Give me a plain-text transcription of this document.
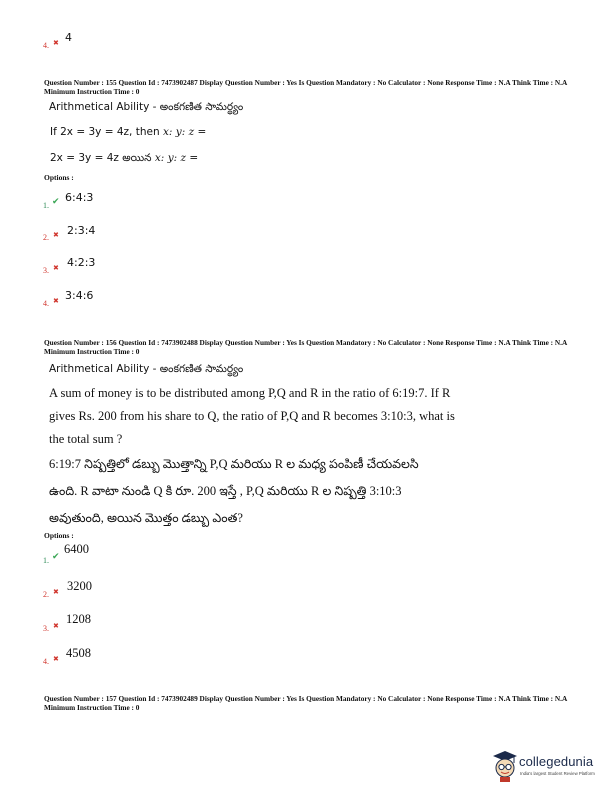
4. ✖ 4
Question Number : 155 Question Id : 7473902487 Display Question Number : Yes Is Question Mandatory : No Calculator : None Response Time : N.A Think Time : N.A Minimum Instruction Time : 0
Arithmetical Ability - అంకగణిత సామర్థ్యం
If 2x = 3y = 4z, then x: y: z =
2x = 3y = 4z అయిన x: y: z =
Options :
1. ✔ 6:4:3
2. ✖ 2:3:4
3. ✖ 4:2:3
4. ✖ 3:4:6
Question Number : 156 Question Id : 7473902488 Display Question Number : Yes Is Question Mandatory : No Calculator : None Response Time : N.A Think Time : N.A Minimum Instruction Time : 0
Arithmetical Ability - అంకగణిత సామర్థ్యం
A sum of money is to be distributed among P,Q and R in the ratio of 6:19:7. If R
gives Rs. 200 from his share to Q, the ratio of P,Q and R becomes 3:10:3, what is
the total sum ?
6:19:7 నిష్పత్తిలో డబ్బు మొత్తాన్ని P,Q మరియు R ల మధ్య పంపిణీ చేయవలసి
ఉంది. R వాటా నుండి Q కి రూ. 200 ఇస్తే , P,Q మరియు R ల నిష్పత్తి 3:10:3
అవుతుంది, అయిన మొత్తం డబ్బు ఎంత?
Options :
1. ✔
6400
2. ✖ 3200
3. ✖ 1208
4. ✖ 4508
Question Number : 157 Question Id : 7473902489 Display Question Number : Yes Is Question Mandatory : No Calculator : None Response Time : N.A Think Time : N.A Minimum Instruction Time : 0
collegedunia
India's largest Student Review Platform
